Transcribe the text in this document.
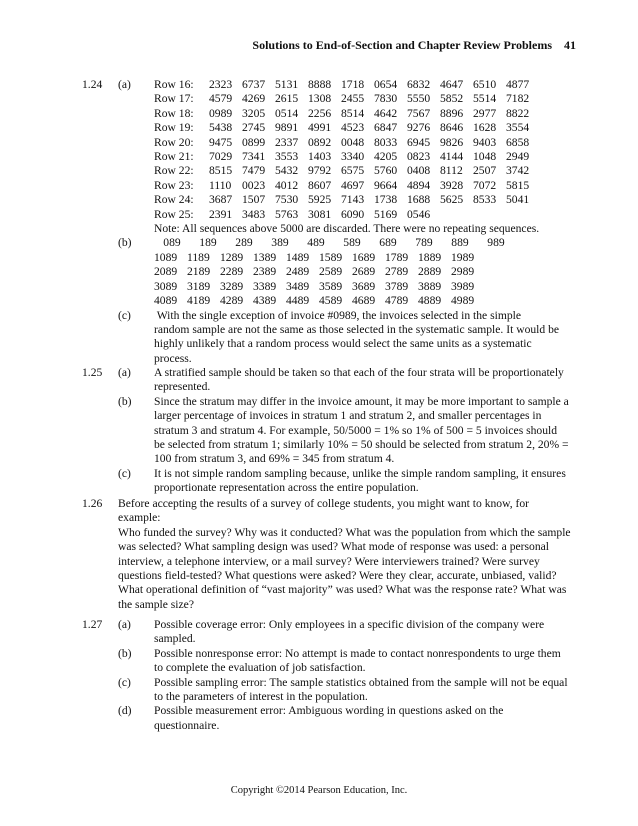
Solutions to End-of-Section and Chapter Review Problems 41
1.24	(a)	Row 16: 2323 6737 5131 8888 1718 0654 6832 4647 6510 4877
Row 17: 4579 4269 2615 1308 2455 7830 5550 5852 5514 7182
Row 18: 0989 3205 0514 2256 8514 4642 7567 8896 2977 8822
Row 19: 5438 2745 9891 4991 4523 6847 9276 8646 1628 3554
Row 20: 9475 0899 2337 0892 0048 8033 6945 9826 9403 6858
Row 21: 7029 7341 3553 1403 3340 4205 0823 4144 1048 2949
Row 22: 8515 7479 5432 9792 6575 5760 0408 8112 2507 3742
Row 23: 1110 0023 4012 8607 4697 9664 4894 3928 7072 5815
Row 24: 3687 1507 7530 5925 7143 1738 1688 5625 8533 5041
Row 25: 2391 3483 5763 3081 6090 5169 0546
Note: All sequences above 5000 are discarded. There were no repeating sequences.
(b)	089 189 289 389 489 589 689 789 889 989
1089 1189 1289 1389 1489 1589 1689 1789 1889 1989
2089 2189 2289 2389 2489 2589 2689 2789 2889 2989
3089 3189 3289 3389 3489 3589 3689 3789 3889 3989
4089 4189 4289 4389 4489 4589 4689 4789 4889 4989
(c)	With the single exception of invoice #0989, the invoices selected in the simple
random sample are not the same as those selected in the systematic sample. It would be
highly unlikely that a random process would select the same units as a systematic
process.
1.25	(a)	A stratified sample should be taken so that each of the four strata will be proportionately
represented.
(b)	Since the stratum may differ in the invoice amount, it may be more important to sample a
larger percentage of invoices in stratum 1 and stratum 2, and smaller percentages in
stratum 3 and stratum 4. For example, 50/5000 = 1% so 1% of 500 = 5 invoices should
be selected from stratum 1; similarly 10% = 50 should be selected from stratum 2, 20% =
100 from stratum 3, and 69% = 345 from stratum 4.
(c)	It is not simple random sampling because, unlike the simple random sampling, it ensures
proportionate representation across the entire population.
1.26	Before accepting the results of a survey of college students, you might want to know, for
example:
Who funded the survey? Why was it conducted? What was the population from which the sample
was selected? What sampling design was used? What mode of response was used: a personal
interview, a telephone interview, or a mail survey? Were interviewers trained? Were survey
questions field-tested? What questions were asked? Were they clear, accurate, unbiased, valid?
What operational definition of “vast majority” was used? What was the response rate? What was
the sample size?
1.27	(a)	Possible coverage error: Only employees in a specific division of the company were
sampled.
(b)	Possible nonresponse error: No attempt is made to contact nonrespondents to urge them
to complete the evaluation of job satisfaction.
(c)	Possible sampling error: The sample statistics obtained from the sample will not be equal
to the parameters of interest in the population.
(d)	Possible measurement error: Ambiguous wording in questions asked on the
questionnaire.
Copyright ©2014 Pearson Education, Inc.
